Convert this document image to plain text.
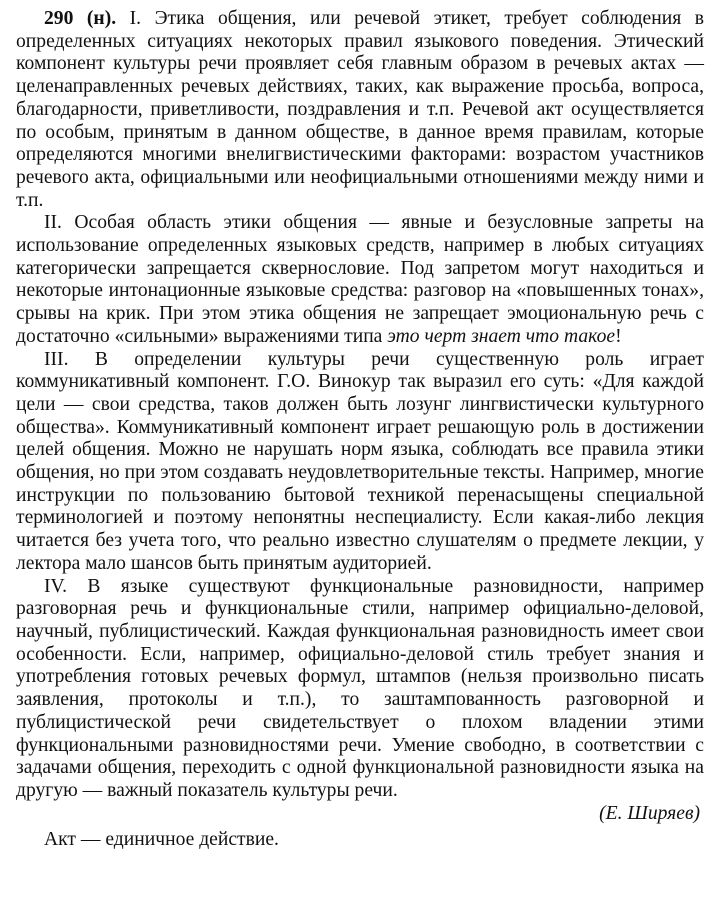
290 (н). I. Этика общения, или речевой этикет, требует соблюдения в определенных ситуациях некоторых правил языкового поведения. Этический компонент культуры речи проявляет себя главным образом в речевых актах — целенаправленных речевых действиях, таких, как выражение просьба, вопроса, благодарности, приветливости, поздравления и т.п. Речевой акт осуществляется по особым, принятым в данном обществе, в данное время правилам, которые определяются многими внелигвистическими факторами: возрастом участников речевого акта, официальными или неофициальными отношениями между ними и т.п.

II. Особая область этики общения — явные и безусловные запреты на использование определенных языковых средств, например в любых ситуациях категорически запрещается сквернословие. Под запретом могут находиться и некоторые интонационные языковые средства: разговор на «повышенных тонах», срывы на крик. При этом этика общения не запрещает эмоциональную речь с достаточно «сильными» выражениями типа это черт знает что такое!

III. В определении культуры речи существенную роль играет коммуникативный компонент. Г.О. Винокур так выразил его суть: «Для каждой цели — свои средства, таков должен быть лозунг лингвистически культурного общества». Коммуникативный компонент играет решающую роль в достижении целей общения. Можно не нарушать норм языка, соблюдать все правила этики общения, но при этом создавать неудовлетворительные тексты. Например, многие инструкции по пользованию бытовой техникой перенасыщены специальной терминологией и поэтому непонятны неспециалисту. Если какая-либо лекция читается без учета того, что реально известно слушателям о предмете лекции, у лектора мало шансов быть принятым аудиторией.

IV. В языке существуют функциональные разновидности, например разговорная речь и функциональные стили, например официально-деловой, научный, публицистический. Каждая функциональная разновидность имеет свои особенности. Если, например, официально-деловой стиль требует знания и употребления готовых речевых формул, штампов (нельзя произвольно писать заявления, протоколы и т.п.), то заштампованность разговорной и публицистической речи свидетельствует о плохом владении этими функциональными разновидностями речи. Умение свободно, в соответствии с задачами общения, переходить с одной функциональной разновидности языка на другую — важный показатель культуры речи.

(Е. Ширяев)

Акт — единичное действие.
